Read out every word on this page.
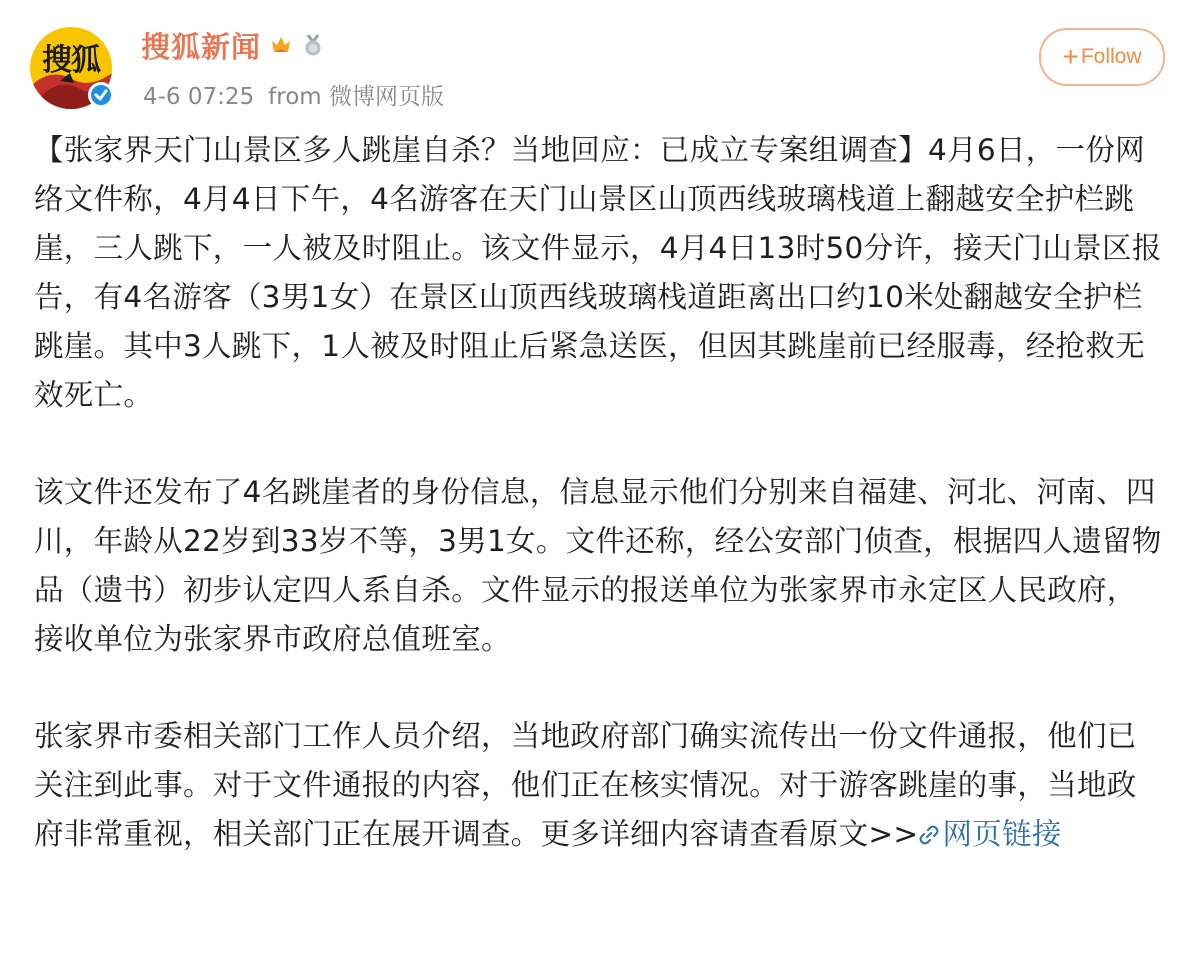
搜狐	搜狐新闻
4-6 07:25 from 微博网页版
+ Follow

【张家界天门山景区多人跳崖自杀？当地回应：已成立专案组调查】4月6日，一份网络文件称，4月4日下午，4名游客在天门山景区山顶西线玻璃栈道上翻越安全护栏跳崖，三人跳下，一人被及时阻止。该文件显示，4月4日13时50分许，接天门山景区报告，有4名游客（3男1女）在景区山顶西线玻璃栈道距离出口约10米处翻越安全护栏跳崖。其中3人跳下，1人被及时阻止后紧急送医，但因其跳崖前已经服毒，经抢救无效死亡。

该文件还发布了4名跳崖者的身份信息，信息显示他们分别来自福建、河北、河南、四川，年龄从22岁到33岁不等，3男1女。文件还称，经公安部门侦查，根据四人遗留物品（遗书）初步认定四人系自杀。文件显示的报送单位为张家界市永定区人民政府，接收单位为张家界市政府总值班室。

张家界市委相关部门工作人员介绍，当地政府部门确实流传出一份文件通报，他们已关注到此事。对于文件通报的内容，他们正在核实情况。对于游客跳崖的事，当地政府非常重视，相关部门正在展开调查。更多详细内容请查看原文>> 网页链接
